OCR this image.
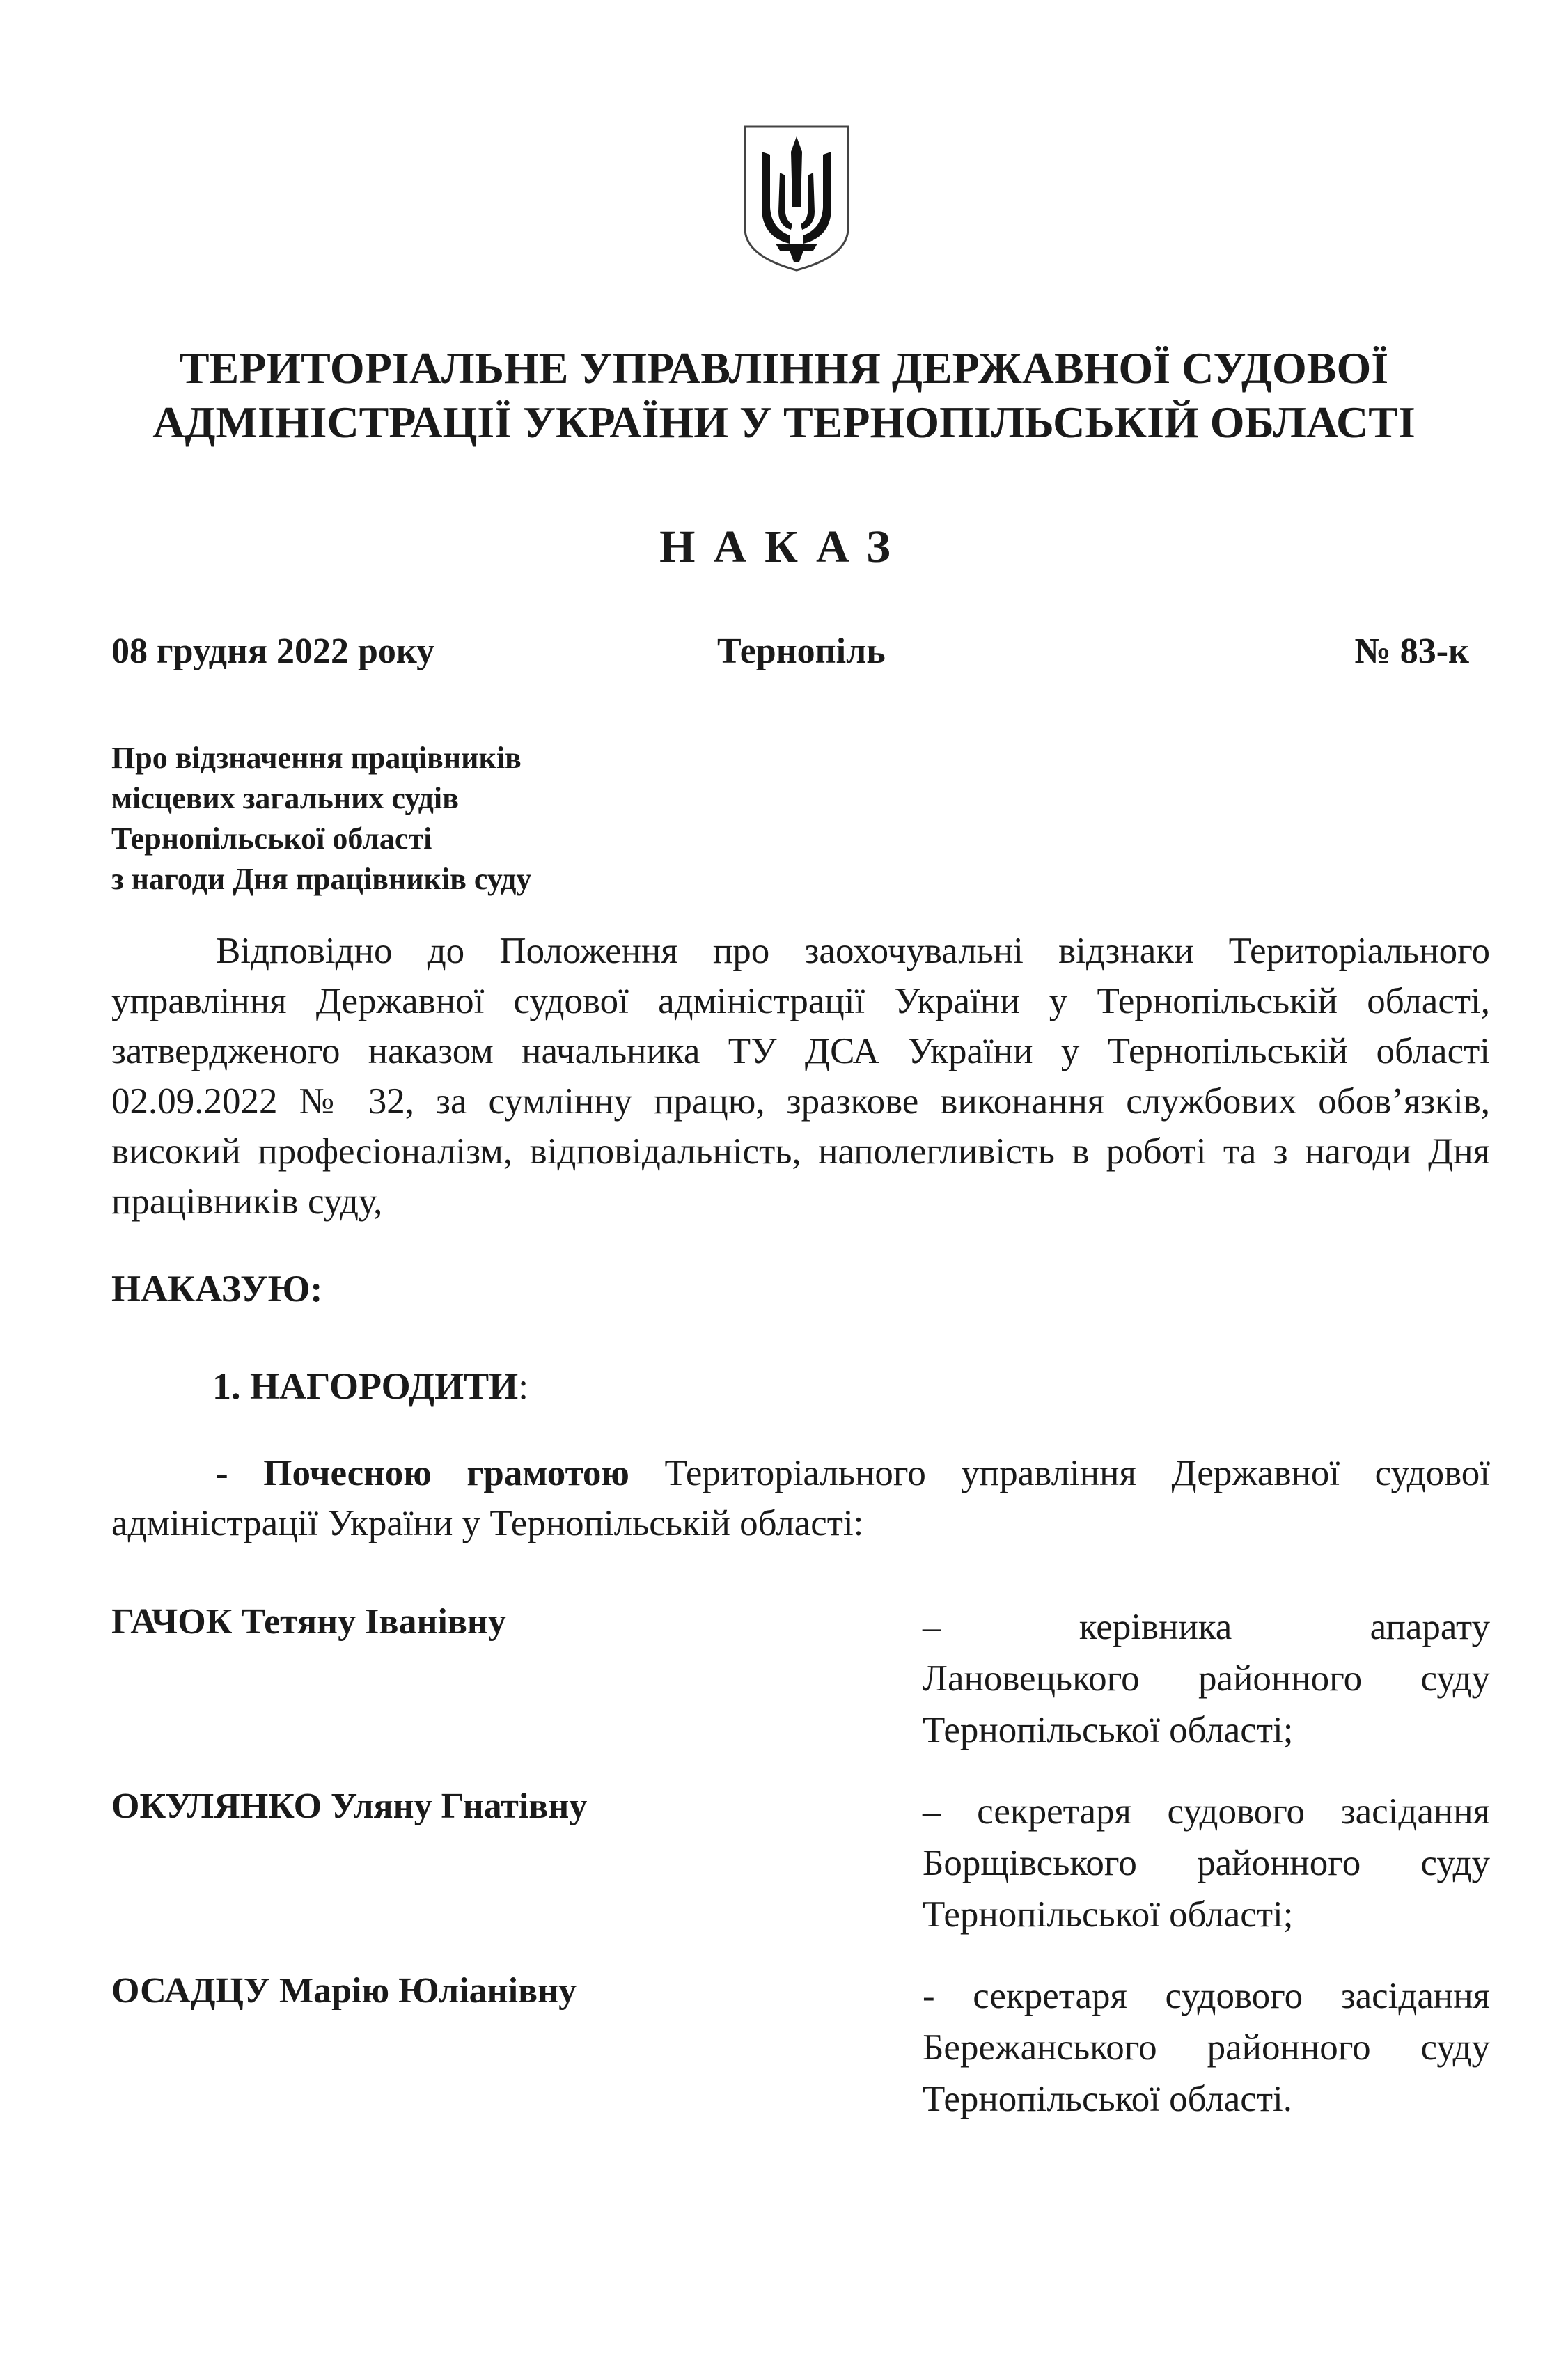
ТЕРИТОРІАЛЬНЕ УПРАВЛІННЯ ДЕРЖАВНОЇ СУДОВОЇ
АДМІНІСТРАЦІЇ УКРАЇНИ У ТЕРНОПІЛЬСЬКІЙ ОБЛАСТІ
НАКАЗ
08 грудня 2022 року	Тернопіль	№ 83-к
Про відзначення працівників
місцевих загальних судів
Тернопільської області
з нагоди Дня працівників суду
Відповідно до Положення про заохочувальні відзнаки Територіального управління Державної судової адміністрації України у Тернопільській області, затвердженого наказом начальника ТУ ДСА України у Тернопільській області 02.09.2022 № 32, за сумлінну працю, зразкове виконання службових обов’язків, високий професіоналізм, відповідальність, наполегливість в роботі та з нагоди Дня працівників суду,
НАКАЗУЮ:
1. НАГОРОДИТИ:
- Почесною грамотою Територіального управління Державної судової адміністрації України у Тернопільській області:
ГАЧОК Тетяну Іванівну	–            керівника            апарату Лановецького районного суду Тернопільської області;
ОКУЛЯНКО Уляну Гнатівну	– секретаря судового засідання Борщівського районного суду Тернопільської області;
ОСАДЦУ Марію Юліанівну	- секретаря судового засідання Бережанського районного суду Тернопільської області.
